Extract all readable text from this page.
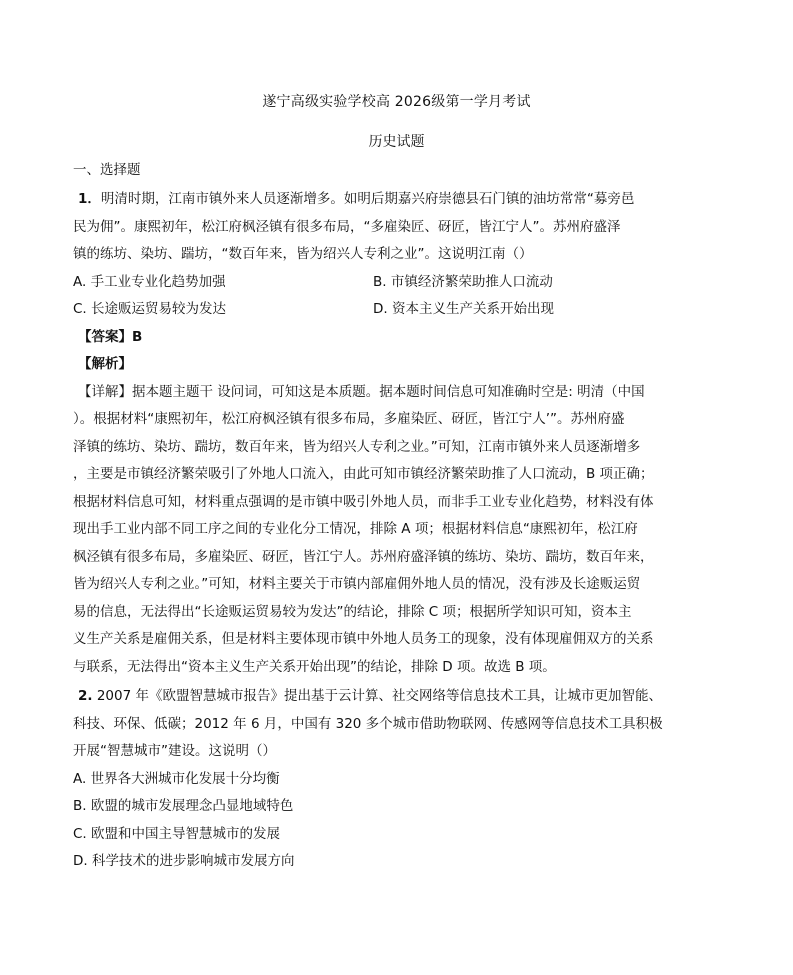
遂宁高级实验学校高 2026级第一学月考试
历史试题
一、选择题

1．明清时期，江南市镇外来人员逐渐增多。如明后期嘉兴府崇德县石门镇的油坊常常“募旁邑

民为佣”。康熙初年，松江府枫泾镇有很多布局，“多雇染匠、砑匠，皆江宁人”。苏州府盛泽

镇的练坊、染坊、踹坊，“数百年来，皆为绍兴人专利之业”。这说明江南（）

A. 手工业专业化趋势加强	B. 市镇经济繁荣助推人口流动
C. 长途贩运贸易较为发达	D. 资本主义生产关系开始出现

【答案】B

【解析】

【详解】据本题主题干 设问词，可知这是本质题。据本题时间信息可知准确时空是: 明清（中国

）。根据材料“康熙初年，松江府枫泾镇有很多布局，多雇染匠、砑匠，皆江宁人’”。苏州府盛

泽镇的练坊、染坊、踹坊，数百年来，皆为绍兴人专利之业。”可知，江南市镇外来人员逐渐增多

，主要是市镇经济繁荣吸引了外地人口流入，由此可知市镇经济繁荣助推了人口流动，B 项正确；

根据材料信息可知，材料重点强调的是市镇中吸引外地人员，而非手工业专业化趋势，材料没有体

现出手工业内部不同工序之间的专业化分工情况，排除 A 项；根据材料信息“康熙初年，松江府

枫泾镇有很多布局，多雇染匠、砑匠，皆江宁人。苏州府盛泽镇的练坊、染坊、踹坊，数百年来，

皆为绍兴人专利之业。”可知，材料主要关于市镇内部雇佣外地人员的情况，没有涉及长途贩运贸

易的信息，无法得出“长途贩运贸易较为发达”的结论，排除 C 项；根据所学知识可知，资本主

义生产关系是雇佣关系，但是材料主要体现市镇中外地人员务工的现象，没有体现雇佣双方的关系

与联系，无法得出“资本主义生产关系开始出现”的结论，排除 D 项。故选 B 项。

2. 2007 年《欧盟智慧城市报告》提出基于云计算、社交网络等信息技术工具，让城市更加智能、

科技、环保、低碳；2012 年 6 月，中国有 320 多个城市借助物联网、传感网等信息技术工具积极

开展“智慧城市”建设。这说明（）

A. 世界各大洲城市化发展十分均衡
B. 欧盟的城市发展理念凸显地域特色
C. 欧盟和中国主导智慧城市的发展
D. 科学技术的进步影响城市发展方向
